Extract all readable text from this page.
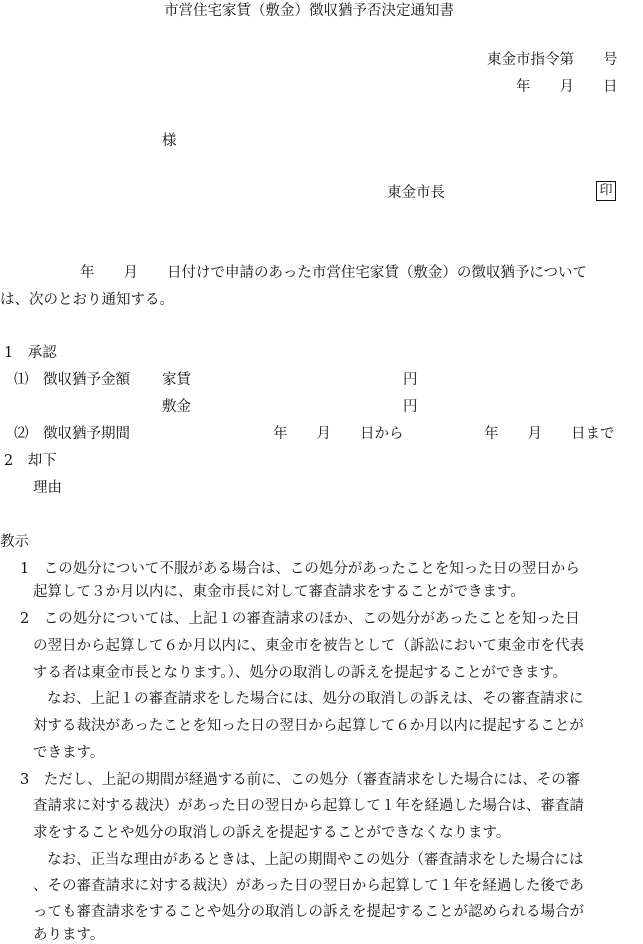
市営住宅家賃（敷金）徴収猶予否決定通知書
東金市指令第　　号
年　　月　　日
様
東金市長	印
年　　月　　日付けで申請のあった市営住宅家賃（敷金）の徴収猶予について
は、次のとおり通知する。
1　承認
⑴　徴収猶予金額 家賃	円
敷金	円
⑵　徴収猶予期間	年　　月　　日から	年　　月　　日まで
2　却下
理由
教示
1　この処分について不服がある場合は、この処分があったことを知った日の翌日から
起算して３か月以内に、東金市長に対して審査請求をすることができます。
2　この処分については、上記１の審査請求のほか、この処分があったことを知った日
の翌日から起算して６か月以内に、東金市を被告として（訴訟において東金市を代表
する者は東金市長となります。）、処分の取消しの訴えを提起することができます。
なお、上記１の審査請求をした場合には、処分の取消しの訴えは、その審査請求に
対する裁決があったことを知った日の翌日から起算して６か月以内に提起することが
できます。
3　ただし、上記の期間が経過する前に、この処分（審査請求をした場合には、その審
査請求に対する裁決）があった日の翌日から起算して１年を経過した場合は、審査請
求をすることや処分の取消しの訴えを提起することができなくなります。
なお、正当な理由があるときは、上記の期間やこの処分（審査請求をした場合には
、その審査請求に対する裁決）があった日の翌日から起算して１年を経過した後であ
っても審査請求をすることや処分の取消しの訴えを提起することが認められる場合が
あります。
